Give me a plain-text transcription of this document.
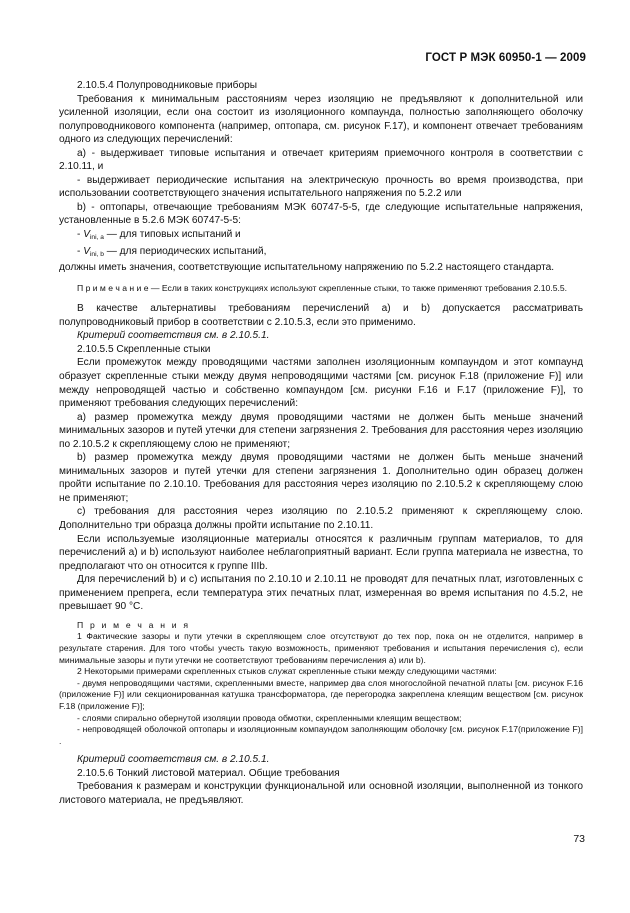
ГОСТ Р МЭК 60950-1 — 2009

2.10.5.4 Полупроводниковые приборы

Требования к минимальным расстояниям через изоляцию не предъявляют к дополнительной или усиленной изоляции, если она состоит из изоляционного компаунда, полностью заполняющего оболочку полупроводникового компонента (например, оптопара, см. рисунок F.17), и компонент отвечает требованиям одного из следующих перечислений:

а) - выдерживает типовые испытания и отвечает критериям приемочного контроля в соответствии с 2.10.11, и

- выдерживает периодические испытания на электрическую прочность во время производства, при использовании соответствующего значения испытательного напряжения по 5.2.2 или

b) - оптопары, отвечающие требованиям МЭК 60747-5-5, где следующие испытательные напряжения, установленные в 5.2.6 МЭК 60747-5-5:

- $V_{ini, a}$ — для типовых испытаний и

- $V_{ini, b}$ — для периодических испытаний,

должны иметь значения, соответствующие испытательному напряжению по 5.2.2 настоящего стандарта.

П р и м е ч а н и е — Если в таких конструкциях используют скрепленные стыки, то также применяют требования 2.10.5.5.

В качестве альтернативы требованиям перечислений а) и b) допускается рассматривать полупроводниковый прибор в соответствии с 2.10.5.3, если это применимо.

Критерий соответствия см. в 2.10.5.1.

2.10.5.5 Скрепленные стыки

Если промежуток между проводящими частями заполнен изоляционным компаундом и этот компаунд образует скрепленные стыки между двумя непроводящими частями [см. рисунок F.18 (приложение F)] или между непроводящей частью и собственно компаундом [см. рисунки F.16 и F.17 (приложение F)], то применяют требования следующих перечислений:

а) размер промежутка между двумя проводящими частями не должен быть меньше значений минимальных зазоров и путей утечки для степени загрязнения 2. Требования для расстояния через изоляцию по 2.10.5.2 к скрепляющему слою не применяют;

b) размер промежутка между двумя проводящими частями не должен быть меньше значений минимальных зазоров и путей утечки для степени загрязнения 1. Дополнительно один образец должен пройти испытание по 2.10.10. Требования для расстояния через изоляцию по 2.10.5.2 к скрепляющему слою не применяют;

с) требования для расстояния через изоляцию по 2.10.5.2 применяют к скрепляющему слою. Дополнительно три образца должны пройти испытание по 2.10.11.

Если используемые изоляционные материалы относятся к различным группам материалов, то для перечислений а) и b) используют наиболее неблагоприятный вариант. Если группа материала не известна, то предполагают что он относится к группе IIIb.

Для перечислений b) и с) испытания по 2.10.10 и 2.10.11 не проводят для печатных плат, изготовленных с применением препрега, если температура этих печатных плат, измеренная во время испытания по 4.5.2, не превышает 90 °С.

П р и м е ч а н и я

1 Фактические зазоры и пути утечки в скрепляющем слое отсутствуют до тех пор, пока он не отделится, например в результате старения. Для того чтобы учесть такую возможность, применяют требования и испытания перечисления с), если минимальные зазоры и пути утечки не соответствуют требованиям перечисления а) или b).

2 Некоторыми примерами скрепленных стыков служат скрепленные стыки между следующими частями:

- двумя непроводящими частями, скрепленными вместе, например два слоя многослойной печатной платы [см. рисунок F.16 (приложение F)] или секционированная катушка трансформатора, где перегородка закреплена клеящим веществом [см. рисунок F.18 (приложение F)];

- слоями спирально обернутой изоляции провода обмотки, скрепленными клеящим веществом;

- непроводящей оболочкой оптопары и изоляционным компаундом заполняющим оболочку [см. рисунок F.17(приложение F)] .

Критерий соответствия см. в 2.10.5.1.

2.10.5.6 Тонкий листовой материал. Общие требования

Требования к размерам и конструкции функциональной или основной изоляции, выполненной из тонкого листового материала, не предъявляют.

73
